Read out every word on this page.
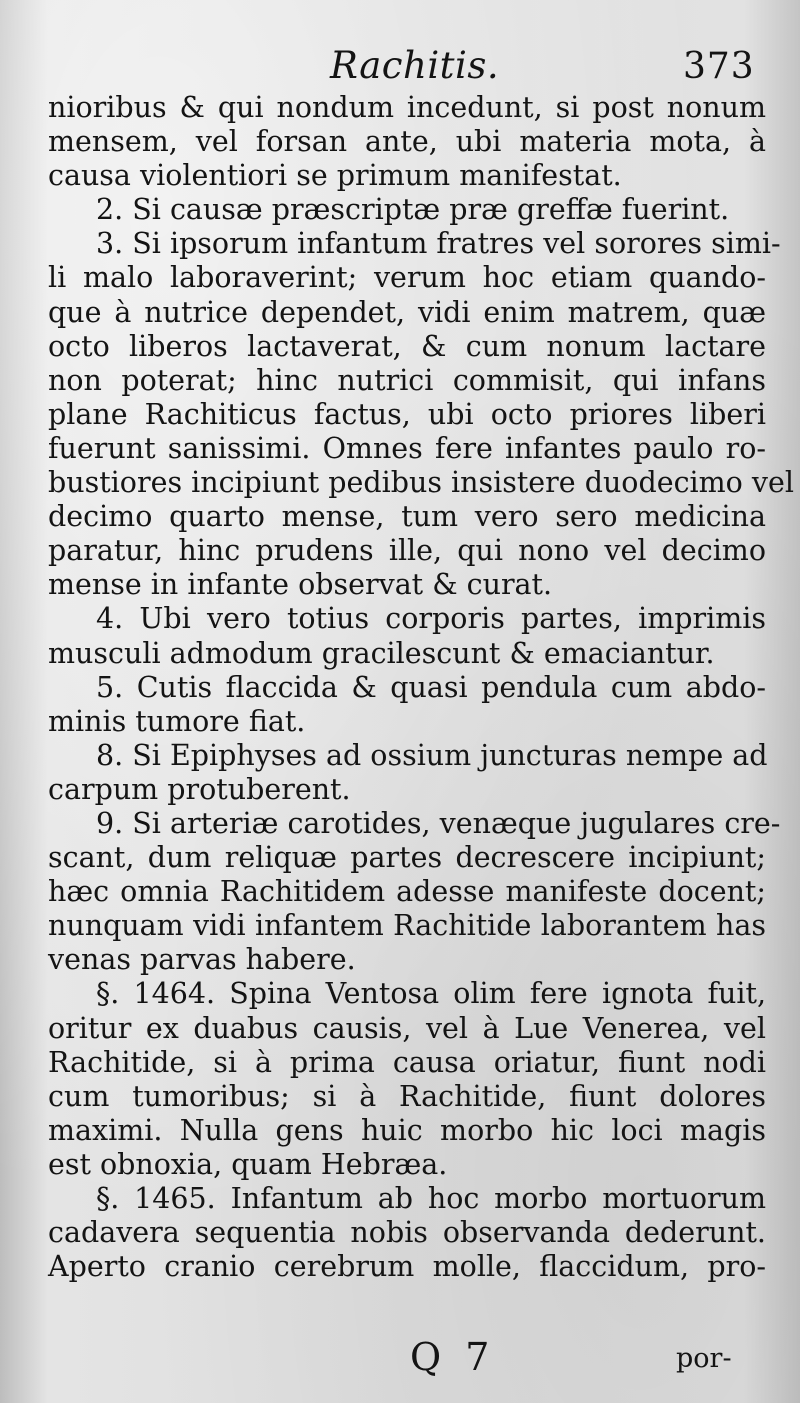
Rachitis.	373
nioribus & qui nondum incedunt, si post nonum
mensem, vel forsan ante, ubi materia mota, à
causa violentiori se primum manifestat.
2. Si causæ præscriptæ præ greffæ fuerint.
3. Si ipsorum infantum fratres vel sorores simi-
li malo laboraverint; verum hoc etiam quando-
que à nutrice dependet, vidi enim matrem, quæ
octo liberos lactaverat, & cum nonum lactare
non poterat; hinc nutrici commisit, qui infans
plane Rachiticus factus, ubi octo priores liberi
fuerunt sanissimi. Omnes fere infantes paulo ro-
bustiores incipiunt pedibus insistere duodecimo vel
decimo quarto mense, tum vero sero medicina
paratur, hinc prudens ille, qui nono vel decimo
mense in infante observat & curat.
4. Ubi vero totius corporis partes, imprimis
musculi admodum gracilescunt & emaciantur.
5. Cutis flaccida & quasi pendula cum abdo-
minis tumore fiat.
8. Si Epiphyses ad ossium juncturas nempe ad
carpum protuberent.
9. Si arteriæ carotides, venæque jugulares cre-
scant, dum reliquæ partes decrescere incipiunt;
hæc omnia Rachitidem adesse manifeste docent;
nunquam vidi infantem Rachitide laborantem has
venas parvas habere.
§. 1464. Spina Ventosa olim fere ignota fuit,
oritur ex duabus causis, vel à Lue Venerea, vel
Rachitide, si à prima causa oriatur, fiunt nodi
cum tumoribus; si à Rachitide, fiunt dolores
maximi. Nulla gens huic morbo hic loci magis
est obnoxia, quam Hebræa.
§. 1465. Infantum ab hoc morbo mortuorum
cadavera sequentia nobis observanda dederunt.
Aperto cranio cerebrum molle, flaccidum, pro-
Q 7	por-
